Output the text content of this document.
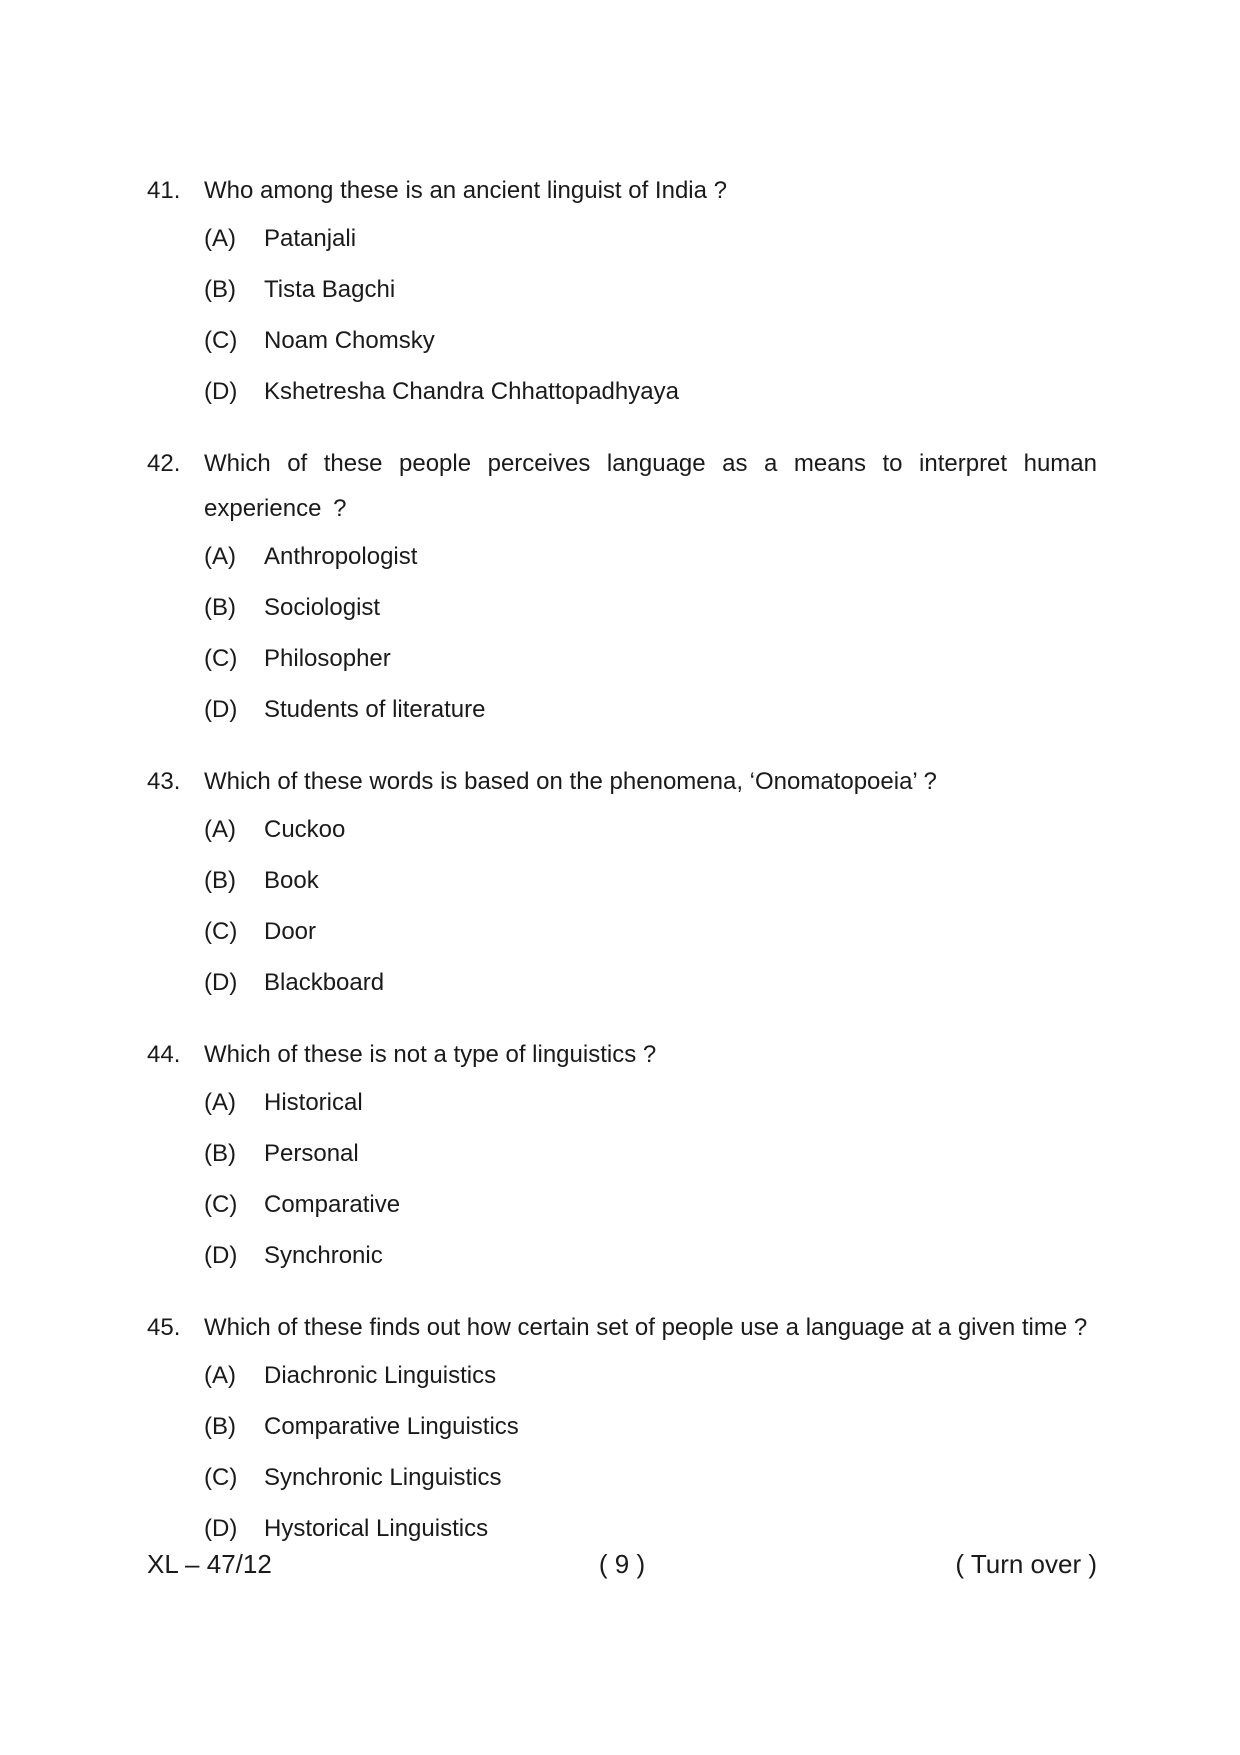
41. Who among these is an ancient linguist of India ?
(A)	Patanjali
(B)	Tista Bagchi
(C)	Noam Chomsky
(D)	Kshetresha Chandra Chhattopadhyaya
42. Which of these people perceives language as a means to interpret human experience ?
(A)	Anthropologist
(B)	Sociologist
(C)	Philosopher
(D)	Students of literature
43. Which of these words is based on the phenomena, ‘Onomatopoeia’ ?
(A)	Cuckoo
(B)	Book
(C)	Door
(D)	Blackboard
44. Which of these is not a type of linguistics ?
(A)	Historical
(B)	Personal
(C)	Comparative
(D)	Synchronic
45. Which of these finds out how certain set of people use a language at a given time ?
(A)	Diachronic Linguistics
(B)	Comparative Linguistics
(C)	Synchronic Linguistics
(D)	Hystorical Linguistics
XL – 47/12	( 9 )	( Turn over )
